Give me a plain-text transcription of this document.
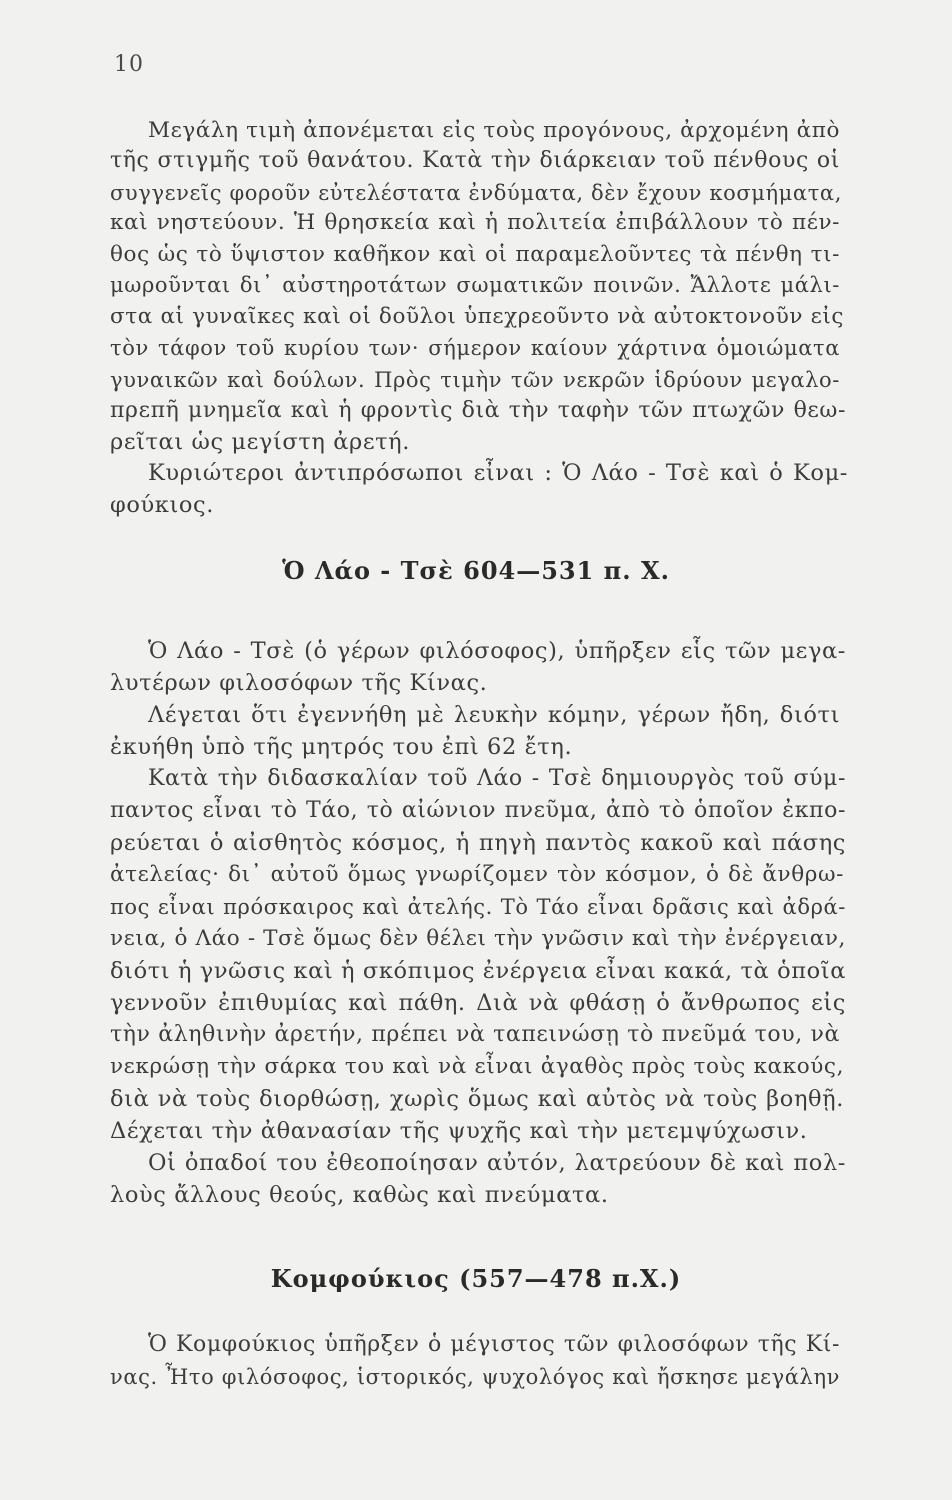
10
Μεγάλη τιμὴ ἀπονέμεται εἰς τοὺς προγόνους, ἀρχομένη ἀπὸ
τῆς στιγμῆς τοῦ θανάτου. Κατὰ τὴν διάρκειαν τοῦ πένθους οἱ
συγγενεῖς φοροῦν εὐτελέστατα ἐνδύματα, δὲν ἔχουν κοσμήματα,
καὶ νηστεύουν. Ἡ θρησκεία καὶ ἡ πολιτεία ἐπιβάλλουν τὸ πέν-
θος ὡς τὸ ὕψιστον καθῆκον καὶ οἱ παραμελοῦντες τὰ πένθη τι-
μωροῦνται δι᾽ αὐστηροτάτων σωματικῶν ποινῶν. Ἄλλοτε μάλι-
στα αἱ γυναῖκες καὶ οἱ δοῦλοι ὑπεχρεοῦντο νὰ αὐτοκτονοῦν εἰς
τὸν τάφον τοῦ κυρίου των· σήμερον καίουν χάρτινα ὁμοιώματα
γυναικῶν καὶ δούλων. Πρὸς τιμὴν τῶν νεκρῶν ἱδρύουν μεγαλο-
πρεπῆ μνημεῖα καὶ ἡ φροντὶς διὰ τὴν ταφὴν τῶν πτωχῶν θεω-
ρεῖται ὡς μεγίστη ἀρετή.
Κυριώτεροι ἀντιπρόσωποι εἶναι : Ὁ Λάο - Τσὲ καὶ ὁ Κομ-
φούκιος.
Ὁ Λάο - Τσὲ 604—531 π. Χ.
Ὁ Λάο - Τσὲ (ὁ γέρων φιλόσοφος), ὑπῆρξεν εἷς τῶν μεγα-
λυτέρων φιλοσόφων τῆς Κίνας.
Λέγεται ὅτι ἐγεννήθη μὲ λευκὴν κόμην, γέρων ἤδη, διότι
ἐκυήθη ὑπὸ τῆς μητρός του ἐπὶ 62 ἔτη.
Κατὰ τὴν διδασκαλίαν τοῦ Λάο - Τσὲ δημιουργὸς τοῦ σύμ-
παντος εἶναι τὸ Τάο, τὸ αἰώνιον πνεῦμα, ἀπὸ τὸ ὁποῖον ἐκπο-
ρεύεται ὁ αἰσθητὸς κόσμος, ἡ πηγὴ παντὸς κακοῦ καὶ πάσης
ἀτελείας· δι᾽ αὐτοῦ ὅμως γνωρίζομεν τὸν κόσμον, ὁ δὲ ἄνθρω-
πος εἶναι πρόσκαιρος καὶ ἀτελής. Τὸ Τάο εἶναι δρᾶσις καὶ ἀδρά-
νεια, ὁ Λάο - Τσὲ ὅμως δὲν θέλει τὴν γνῶσιν καὶ τὴν ἐνέργειαν,
διότι ἡ γνῶσις καὶ ἡ σκόπιμος ἐνέργεια εἶναι κακά, τὰ ὁποῖα
γεννοῦν ἐπιθυμίας καὶ πάθη. Διὰ νὰ φθάσῃ ὁ ἄνθρωπος εἰς
τὴν ἀληθινὴν ἀρετήν, πρέπει νὰ ταπεινώσῃ τὸ πνεῦμά του, νὰ
νεκρώσῃ τὴν σάρκα του καὶ νὰ εἶναι ἀγαθὸς πρὸς τοὺς κακούς,
διὰ νὰ τοὺς διορθώσῃ, χωρὶς ὅμως καὶ αὐτὸς νὰ τοὺς βοηθῇ.
Δέχεται τὴν ἀθανασίαν τῆς ψυχῆς καὶ τὴν μετεμψύχωσιν.
Οἱ ὀπαδοί του ἐθεοποίησαν αὐτόν, λατρεύουν δὲ καὶ πολ-
λοὺς ἄλλους θεούς, καθὼς καὶ πνεύματα.
Κομφούκιος (557—478 π.Χ.)
Ὁ Κομφούκιος ὑπῆρξεν ὁ μέγιστος τῶν φιλοσόφων τῆς Κί-
νας. Ἦτο φιλόσοφος, ἱστορικός, ψυχολόγος καὶ ἤσκησε μεγάλην
